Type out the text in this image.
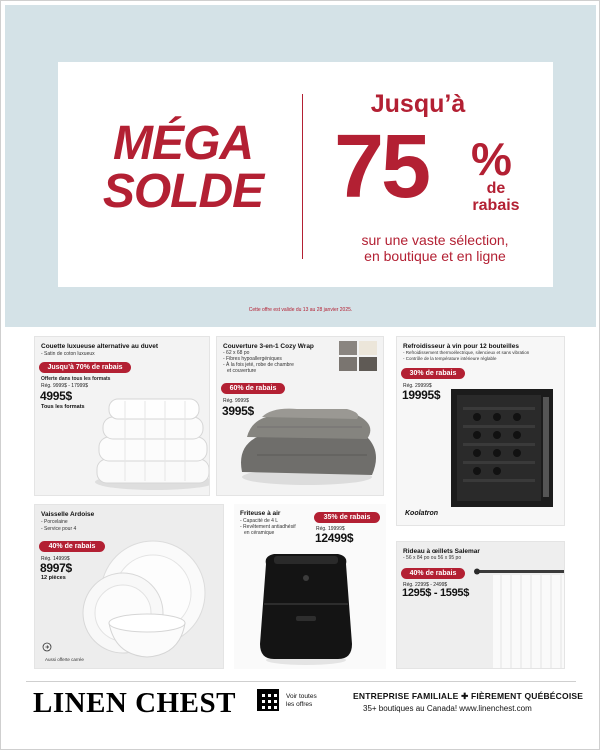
MÉGA
SOLDE
Jusqu’à
75 %
de
rabais
sur une vaste sélection,
en boutique et en ligne
Cette offre est valide du 13 au 28 janvier 2025.
Couette luxueuse alternative au duvet
- Satin de coton luxueux
Jusqu’à 70% de rabais
Offerte dans tous les formats
Rég. 9999$ - 17999$
4995$
Tous les formats
Couverture 3-en-1 Cozy Wrap
- 62 x 68 po
- Fibres hypoallergéniques
- À la fois jeté, robe de chambre
et couverture
60% de rabais
Rég. 9999$
3995$
Refroidisseur à vin pour 12 bouteilles
- Refroidissement thermoélectrique, silencieux et sans vibration
- Contrôle de la température intérieure réglable
30% de rabais
Rég. 29999$
19995$
Koolatron
Vaisselle Ardoise
- Porcelaine
- Service pour 4
40% de rabais
Rég. 14999$
8997$
12 pièces
Aussi offerte carrée
Friteuse à air
- Capacité de 4 L
- Revêtement antiadhésif
en céramique
35% de rabais
Rég. 19999$
12499$
Rideau à œillets Salemar
- 56 x 84 po ou 56 x 95 po
40% de rabais
Rég. 2299$ - 2499$
1295$ - 1595$
LINEN CHEST	Voir toutes
les offres
ENTREPRISE FAMILIALE ✚ FIÈREMENT QUÉBÉCOISE
35+ boutiques au Canada! www.linenchest.com
